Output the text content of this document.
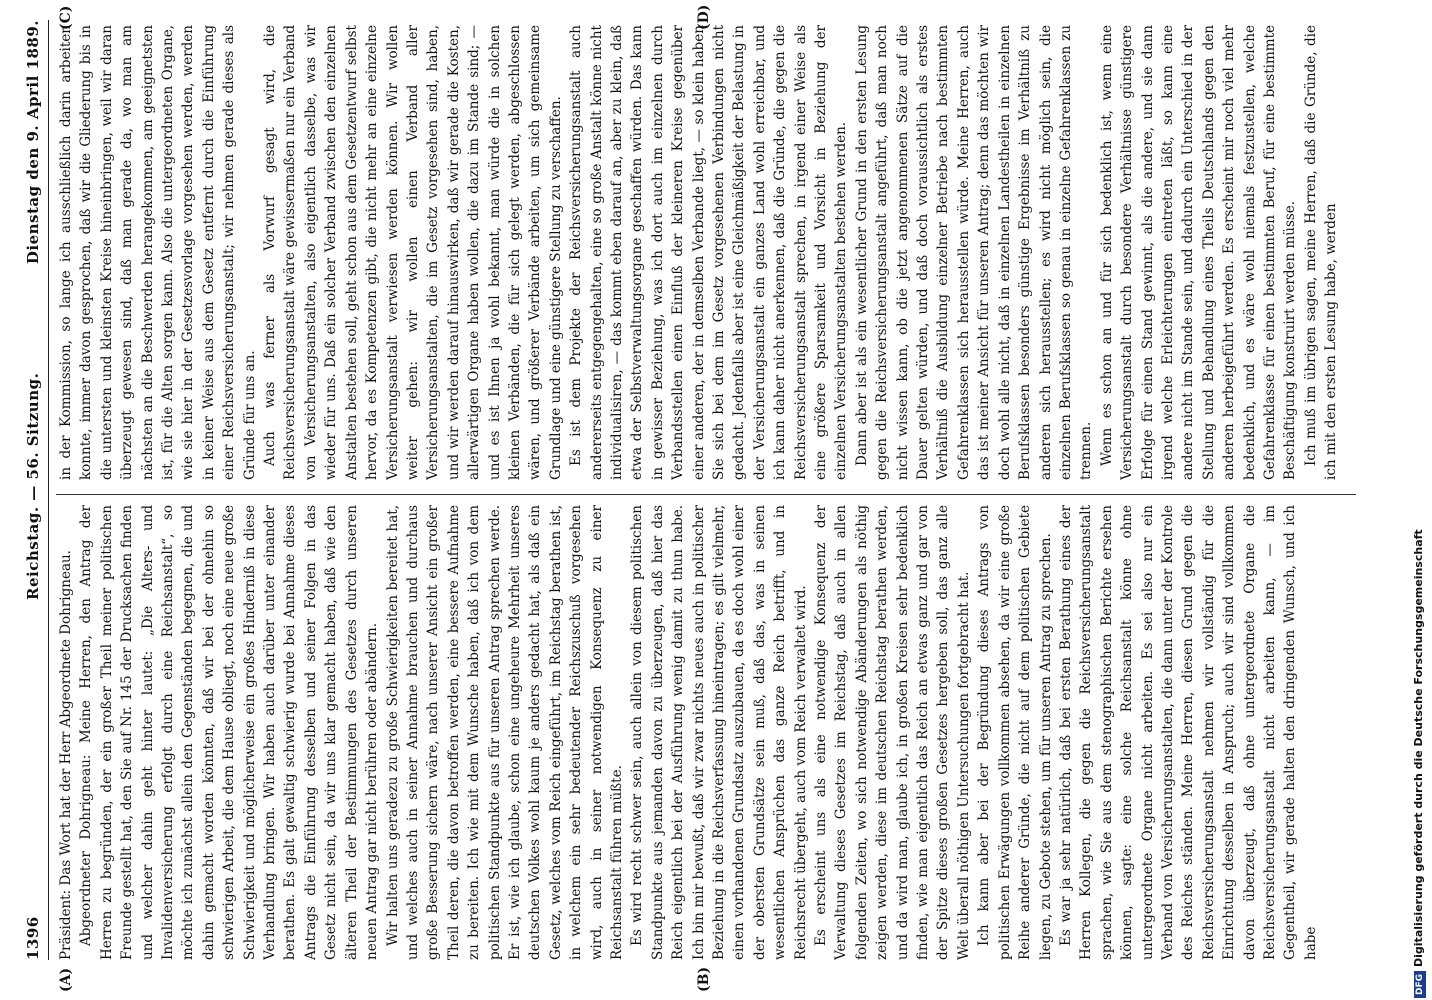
1396
Reichstag. — 56. Sitzung.
Dienstag den 9. April 1889.
(A)	(B)
(C)	(D)

Präsident: Das Wort hat der Herr Abgeordnete Dohrigneau. Abgeordneter Dohrigneau: Meine Herren, den Antrag der Herren zu begründen, der ein großer Theil meiner politischen Freunde gestellt hat, den Sie auf Nr. 145 der Drucksachen finden und welcher dahin geht hinter lautet: „Die Alters- und Invalidenversicherung erfolgt durch eine Reichsanstalt“, so möchte ich zunächst allein den Gegenständen begegnen, die und dahin gemacht worden könnten, daß wir bei der ohnehin so schwierigen Arbeit, die dem Hause obliegt, noch eine neue große Schwierigkeit und möglicherweise ein großes Hinderniß in diese Verhandlung bringen. Wir haben auch darüber unter einander berathen. Es galt gewaltig schwierig wurde bei Annahme dieses Antrags die Einführung desselben und seiner Folgen in das Gesetz nicht sein, da wir uns klar gemacht haben, daß wie den älteren Theil der Bestimmungen des Gesetzes durch unseren neuen Antrag gar nicht berühren oder abändern. Wir halten uns geradezu zu große Schwierigkeiten bereitet hat, und welches auch in seiner Annahme brauchen und durchaus große Besserung sichern wäre, nach unserer Ansicht ein großer Theil deren, die davon betroffen werden, eine bessere Aufnahme zu bereiten. Ich wie mit dem Wunsche haben, daß ich von dem politischen Standpunkte aus für unseren Antrag sprechen werde. Er ist, wie ich glaube, schon eine ungeheure Mehrheit unseres deutschen Volkes wohl kaum je anders gedacht hat, als daß ein Gesetz, welches vom Reich eingeführt, im Reichstag berathen ist, in welchem ein sehr bedeutender Reichszuschuß vorgesehen wird, auch in seiner notwendigen Konsequenz zu einer Reichsanstalt führen müßte. Es wird recht schwer sein, auch allein von diesem politischen Standpunkte aus jemanden davon zu überzeugen, daß hier das Reich eigentlich bei der Ausführung wenig damit zu thun habe. Ich bin mir bewußt, daß wir zwar nichts neues auch in politischer Beziehung in die Reichsverfassung hineintragen; es gilt vielmehr, einen vorhandenen Grundsatz auszubauen, da es doch wohl einer der obersten Grundsätze sein muß, daß das, was in seinen wesentlichen Ansprüchen das ganze Reich betrifft, und in Reichsrecht übergeht, auch vom Reich verwaltet wird. Es erscheint uns als eine notwendige Konsequenz der Verwaltung dieses Gesetzes im Reichstag, daß auch in allen folgenden Zeiten, wo sich notwendige Abänderungen als nöthig zeigen werden, diese im deutschen Reichstag berathen werden, und da wird man, glaube ich, in großen Kreisen sehr bedenklich finden, wie man eigentlich das Reich an etwas ganz und gar von der Spitze dieses großen Gesetzes hergeben soll, das ganz alle Welt überall nöthigen Untersuchungen fortgebracht hat. Ich kann aber bei der Begründung dieses Antrags von politischen Erwägungen vollkommen absehen, da wir eine große Reihe anderer Gründe, die nicht auf dem politischen Gebiete liegen, zu Gebote stehen, um für unseren Antrag zu sprechen. Es war ja sehr natürlich, daß bei ersten Berathung eines der Herren Kollegen, die gegen die Reichsversicherungsanstalt sprachen, wie Sie aus dem stenographischen Berichte ersehen können, sagte: eine solche Reichsanstalt könne ohne untergeordnete Organe nicht arbeiten. Es sei also nur ein Verband von Versicherungsanstalten, die dann unter der Kontrole des Reiches ständen. Meine Herren, diesen Grund gegen die Reichsversicherungsanstalt nehmen wir vollständig für die Einrichtung desselben in Anspruch; auch wir sind vollkommen davon überzeugt, daß ohne untergeordnete Organe die Reichsversicherungsanstalt nicht arbeiten kann, — im Gegentheil, wir gerade halten den dringenden Wunsch, und ich habe

in der Kommission, so lange ich ausschließlich darin arbeiten konnte, immer davon gesprochen, daß wir die Gliederung bis in die untersten und kleinsten Kreise hineinbringen, weil wir daran überzeugt gewesen sind, daß man gerade da, wo man am nächsten an die Beschwerden herangekommen, am geeignetsten ist, für die Alten sorgen kann. Also die untergeordneten Organe, wie sie hier in der Gesetzesvorlage vorgesehen werden, werden in keiner Weise aus dem Gesetz entfernt durch die Einführung einer Reichsversicherungsanstalt; wir nehmen gerade dieses als Gründe für uns an. Auch was ferner als Vorwurf gesagt wird, die Reichsversicherungsanstalt wäre gewissermaßen nur ein Verband von Versicherungsanstalten, also eigentlich dasselbe, was wir wieder für uns. Daß ein solcher Verband zwischen den einzelnen Anstalten bestehen soll, geht schon aus dem Gesetzentwurf selbst hervor, da es Kompetenzen gibt, die nicht mehr an eine einzelne Versicherungsanstalt verwiesen werden können. Wir wollen weiter gehen: wir wollen einen Verband aller Versicherungsanstalten, die im Gesetz vorgesehen sind, haben, und wir werden darauf hinauswirken, daß wir gerade die Kosten, allerwärtigen Organe haben wollen, die dazu im Stande sind; — und es ist Ihnen ja wohl bekannt, man würde die in solchen kleinen Verbänden, die für sich gelegt werden, abgeschlossen wären, und größerer Verbände arbeiten, um sich gemeinsame Grundlage und eine günstigere Stellung zu verschaffen. Es ist dem Projekte der Reichsversicherungsanstalt auch andererseits entgegengehalten, eine so große Anstalt könne nicht individualisiren, — das kommt eben darauf an, aber zu klein, daß etwa der Selbstverwaltungsorgane geschaffen würden. Das kann in gewisser Beziehung, was ich dort auch im einzelnen durch Verbandsstellen einen Einfluß der kleineren Kreise gegenüber einer anderen, der in demselben Verbande liegt, — so klein haben Sie sich bei dem im Gesetz vorgesehenen Verbindungen nicht gedacht. Jedenfalls aber ist eine Gleichmäßigkeit der Belastung in der Versicherungsanstalt ein ganzes Land wohl erreichbar, und ich kann daher nicht anerkennen, daß die Gründe, die gegen die Reichsversicherungsanstalt sprechen, in irgend einer Weise als eine größere Sparsamkeit und Vorsicht in Beziehung der einzelnen Versicherungsanstalten bestehen werden. Dann aber ist als ein wesentlicher Grund in den ersten Lesung gegen die Reichsversicherungsanstalt angeführt, daß man noch nicht wissen kann, ob die jetzt angenommenen Sätze auf die Dauer gelten würden, und daß doch voraussichtlich als erstes Verhältniß die Ausbildung einzelner Betriebe nach bestimmten Gefahrenklassen sich herausstellen würde. Meine Herren, auch das ist meiner Ansicht für unseren Antrag; denn das möchten wir doch wohl alle nicht, daß in einzelnen Landestheilen in einzelnen Berufsklassen besonders günstige Ergebnisse im Verhältniß zu anderen sich herausstellen; es wird nicht möglich sein, die einzelnen Berufsklassen so genau in einzelne Gefahrenklassen zu trennen. Wenn es schon an und für sich bedenklich ist, wenn eine Versicherungsanstalt durch besondere Verhältnisse günstigere Erfolge für einen Stand gewinnt, als die andere, und sie dann irgend welche Erleichterungen eintreten läßt, so kann eine andere nicht im Stande sein, und dadurch ein Unterschied in der Stellung und Behandlung eines Theils Deutschlands gegen den anderen herbeigeführt werden. Es erscheint mir noch viel mehr bedenklich, und es wäre wohl niemals festzustellen, welche Gefahrenklasse für einen bestimmten Beruf, für eine bestimmte Beschäftigung konstruirt werden müsse. Ich muß im übrigen sagen, meine Herren, daß die Gründe, die ich mit den ersten Lesung habe, werden

DFGDigitalisierung gefördert durch die Deutsche Forschungsgemeinschaft
